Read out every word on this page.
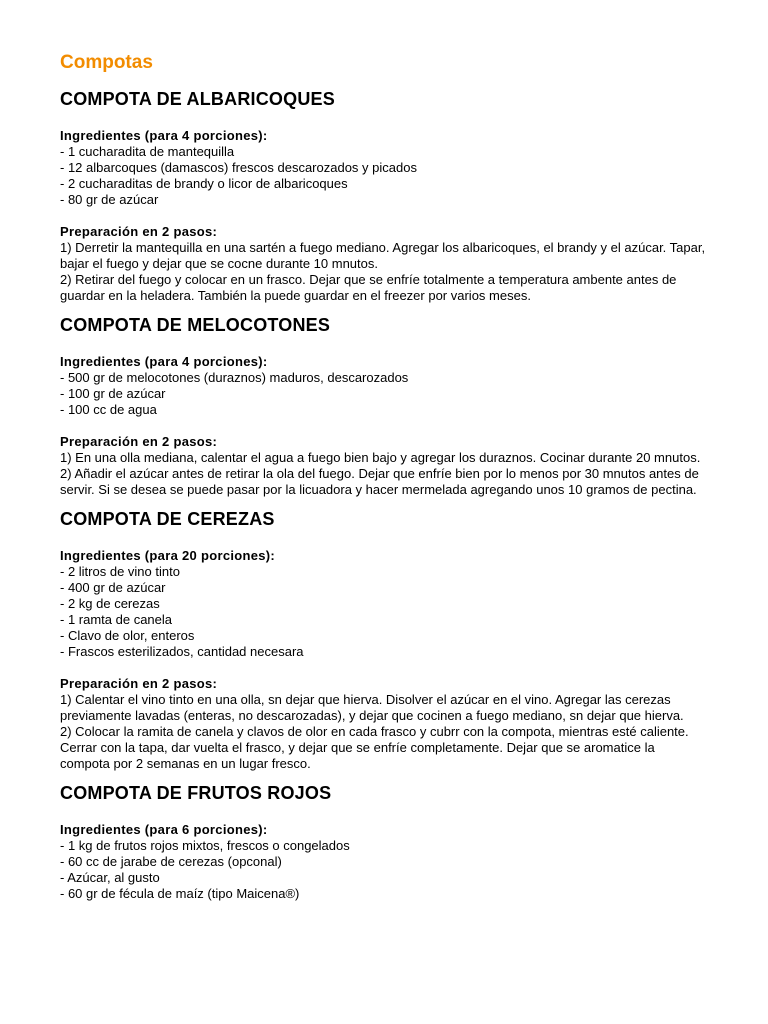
Compotas
COMPOTA DE ALBARICOQUES
Ingredientes (para 4 porciones):
- 1 cucharadita de mantequilla
- 12 albarcoques (damascos) frescos descarozados y picados
- 2 cucharaditas de brandy o licor de albaricoques
- 80 gr de azúcar
Preparación en 2 pasos:
1) Derretir la mantequilla en una sartén a fuego mediano. Agregar los albaricoques, el brandy y el azúcar. Tapar, bajar el fuego y dejar que se cocne durante 10 mnutos.
2) Retirar del fuego y colocar en un frasco. Dejar que se enfríe totalmente a temperatura ambente antes de guardar en la heladera. También la puede guardar en el freezer por varios meses.
COMPOTA DE MELOCOTONES
Ingredientes (para 4 porciones):
- 500 gr de melocotones (duraznos) maduros, descarozados
- 100 gr de azúcar
- 100 cc de agua
Preparación en 2 pasos:
1) En una olla mediana, calentar el agua a fuego bien bajo y agregar los duraznos. Cocinar durante 20 mnutos.
2) Añadir el azúcar antes de retirar la ola del fuego. Dejar que enfríe bien por lo menos por 30 mnutos antes de servir. Si se desea se puede pasar por la licuadora y hacer mermelada agregando unos 10 gramos de pectina.
COMPOTA DE CEREZAS
Ingredientes (para 20 porciones):
- 2 litros de vino tinto
- 400 gr de azúcar
- 2 kg de cerezas
- 1 ramta de canela
- Clavo de olor, enteros
- Frascos esterilizados, cantidad necesara
Preparación en 2 pasos:
1) Calentar el vino tinto en una olla, sn dejar que hierva. Disolver el azúcar en el vino. Agregar las cerezas previamente lavadas (enteras, no descarozadas), y dejar que cocinen a fuego mediano, sn dejar que hierva.
2) Colocar la ramita de canela y clavos de olor en cada frasco y cubrr con la compota, mientras esté caliente. Cerrar con la tapa, dar vuelta el frasco, y dejar que se enfríe completamente. Dejar que se aromatice la compota por 2 semanas en un lugar fresco.
COMPOTA DE FRUTOS ROJOS
Ingredientes (para 6 porciones):
- 1 kg de frutos rojos mixtos, frescos o congelados
- 60 cc de jarabe de cerezas (opconal)
- Azúcar, al gusto
- 60 gr de fécula de maíz (tipo Maicena®)
